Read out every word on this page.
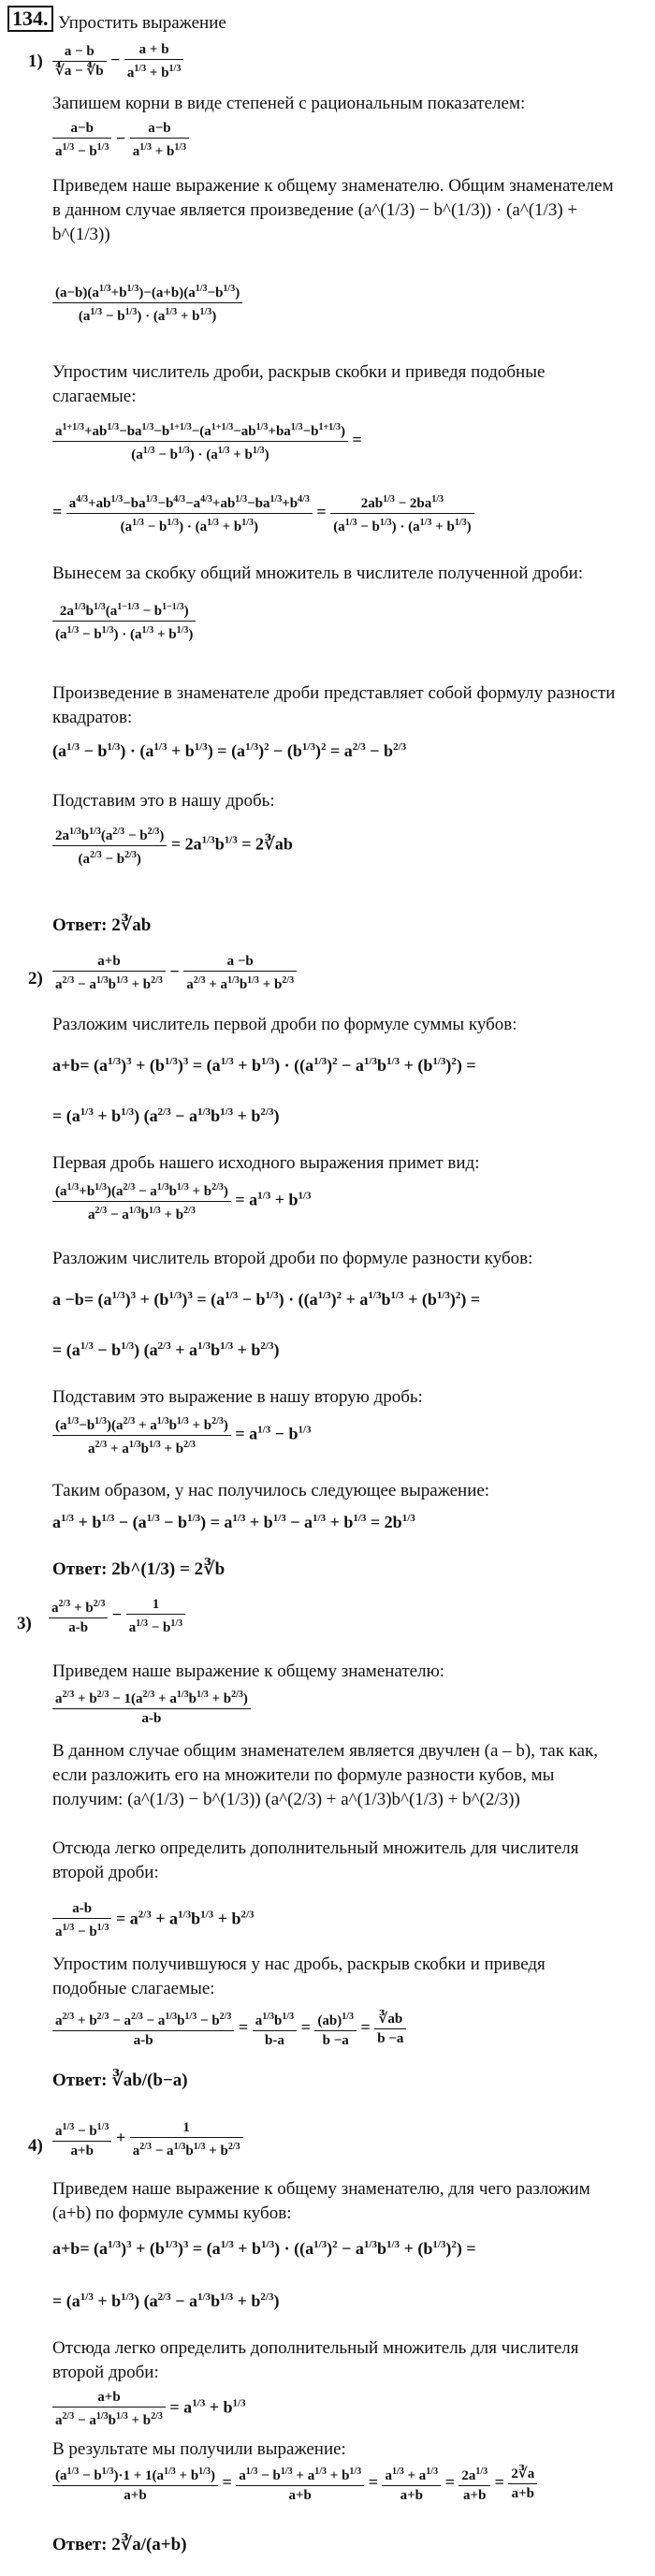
134. Упростить выражение
$1) \frac{a - b}{∜a - ∜b} - \frac{a + b}{a^{1/3} + b^{1/3}}$
Запишем корни в виде степеней с рациональным показателем:
$\frac{a-b}{a^{1/3} - b^{1/3}} - \frac{a-b}{a^{1/3} + b^{1/3}}$
Приведем наше выражение к общему знаменателю. Общим знаменателем в данном случае является произведение (a^(1/3) − b^(1/3)) · (a^(1/3) + b^(1/3))
$\frac{(a-b)(a^{1/3}+b^{1/3})-(a+b)(a^{1/3}-b^{1/3})}{(a^{1/3} - b^{1/3}) \cdot (a^{1/3} + b^{1/3})}$
Упростим числитель дроби, раскрыв скобки и приведя подобные слагаемые:
$\frac{a^{1+1/3}+ab^{1/3}-ba^{1/3}-b^{1+1/3}-(a^{1+1/3}-ab^{1/3}+ba^{1/3}-b^{1+1/3})}{(a^{1/3} - b^{1/3}) \cdot (a^{1/3} + b^{1/3})}$ =
= $\frac{a^{4/3}+ab^{1/3}-ba^{1/3}-b^{4/3}-a^{4/3}+ab^{1/3}-ba^{1/3}+b^{4/3}}{(a^{1/3} - b^{1/3}) \cdot (a^{1/3} + b^{1/3})} = \frac{2ab^{1/3} - 2ba^{1/3}}{(a^{1/3} - b^{1/3}) \cdot (a^{1/3} + b^{1/3})}$
Вынесем за скобку общий множитель в числителе полученной дроби:
$\frac{2a^{1/3}b^{1/3}(a^{1-1/3} - b^{1-1/3})}{(a^{1/3} - b^{1/3}) \cdot (a^{1/3} + b^{1/3})}$
Произведение в знаменателе дроби представляет собой формулу разности квадратов:
$(a^{1/3} - b^{1/3}) \cdot (a^{1/3} + b^{1/3}) = (a^{1/3})^2 - (b^{1/3})^2 = a^{2/3} - b^{2/3}$
Подставим это в нашу дробь:
$\frac{2a^{1/3}b^{1/3}(a^{2/3} - b^{2/3})}{(a^{2/3} - b^{2/3})} = 2a^{1/3}b^{1/3}$ = 2∛ab
Ответ: 2∛ab
$2) \frac{a+b}{a^{2/3} - a^{1/3}b^{1/3} + b^{2/3}} - \frac{a -b}{a^{2/3} + a^{1/3}b^{1/3} + b^{2/3}}$
Разложим числитель первой дроби по формуле суммы кубов:
$a+b= (a^{1/3})^3 + (b^{1/3})^3 = (a^{1/3} + b^{1/3}) \cdot ((a^{1/3})^2 - a^{1/3}b^{1/3} + (b^{1/3})^2)$ =
= $(a^{1/3} + b^{1/3}) (a^{2/3} - a^{1/3}b^{1/3} + b^{2/3})$
Первая дробь нашего исходного выражения примет вид:
$\frac{(a^{1/3}+b^{1/3})(a^{2/3} - a^{1/3}b^{1/3} + b^{2/3})}{a^{2/3} - a^{1/3}b^{1/3} + b^{2/3}} = a^{1/3} + b^{1/3}$
Разложим числитель второй дроби по формуле разности кубов:
$a -b= (a^{1/3})^3 + (b^{1/3})^3 = (a^{1/3} - b^{1/3}) \cdot ((a^{1/3})^2 + a^{1/3}b^{1/3} + (b^{1/3})^2)$ =
= $(a^{1/3} - b^{1/3}) (a^{2/3} + a^{1/3}b^{1/3} + b^{2/3})$
Подставим это выражение в нашу вторую дробь:
$\frac{(a^{1/3}-b^{1/3})(a^{2/3} + a^{1/3}b^{1/3} + b^{2/3})}{a^{2/3} + a^{1/3}b^{1/3} + b^{2/3}} = a^{1/3} - b^{1/3}$
Таким образом, у нас получилось следующее выражение:
$a^{1/3} + b^{1/3} - (a^{1/3} - b^{1/3}) = a^{1/3} + b^{1/3} - a^{1/3} + b^{1/3} = 2b^{1/3}$
Ответ: 2b^(1/3) = 2∛b
$3) \frac{a^{2/3} + b^{2/3}}{a-b} - \frac{1}{a^{1/3} - b^{1/3}}$
Приведем наше выражение к общему знаменателю:
$\frac{a^{2/3} + b^{2/3} - 1(a^{2/3} + a^{1/3}b^{1/3} + b^{2/3})}{a-b}$
В данном случае общим знаменателем является двучлен (a – b), так как, если разложить его на множители по формуле разности кубов, мы получим: (a^(1/3) − b^(1/3)) (a^(2/3) + a^(1/3)b^(1/3) + b^(2/3))
Отсюда легко определить дополнительный множитель для числителя второй дроби:
$\frac{a-b}{a^{1/3} - b^{1/3}} = a^{2/3} + a^{1/3}b^{1/3} + b^{2/3}$
Упростим получившуюся у нас дробь, раскрыв скобки и приведя подобные слагаемые:
$\frac{a^{2/3} + b^{2/3} - a^{2/3} - a^{1/3}b^{1/3} - b^{2/3}}{a-b} = \frac{a^{1/3}b^{1/3}}{b-a} = \frac{(ab)^{1/3}}{b -a} = \frac{∛ab}{b -a}$
Ответ: ∛ab/(b−a)
$4) \frac{a^{1/3} - b^{1/3}}{a+b} + \frac{1}{a^{2/3} - a^{1/3}b^{1/3} + b^{2/3}}$
Приведем наше выражение к общему знаменателю, для чего разложим (a+b) по формуле суммы кубов:
$a+b= (a^{1/3})^3 + (b^{1/3})^3 = (a^{1/3} + b^{1/3}) \cdot ((a^{1/3})^2 - a^{1/3}b^{1/3} + (b^{1/3})^2)$ =
= $(a^{1/3} + b^{1/3}) (a^{2/3} - a^{1/3}b^{1/3} + b^{2/3})$
Отсюда легко определить дополнительный множитель для числителя второй дроби:
$\frac{a+b}{a^{2/3} - a^{1/3}b^{1/3} + b^{2/3}} = a^{1/3} + b^{1/3}$
В результате мы получили выражение:
$\frac{(a^{1/3} - b^{1/3})\cdot 1 + 1(a^{1/3} + b^{1/3})}{a+b} = \frac{a^{1/3} - b^{1/3} + a^{1/3} + b^{1/3}}{a+b} = \frac{a^{1/3} + a^{1/3}}{a+b} = \frac{2a^{1/3}}{a+b} = \frac{2∛a}{a+b}$
Ответ: 2∛a/(a+b)
